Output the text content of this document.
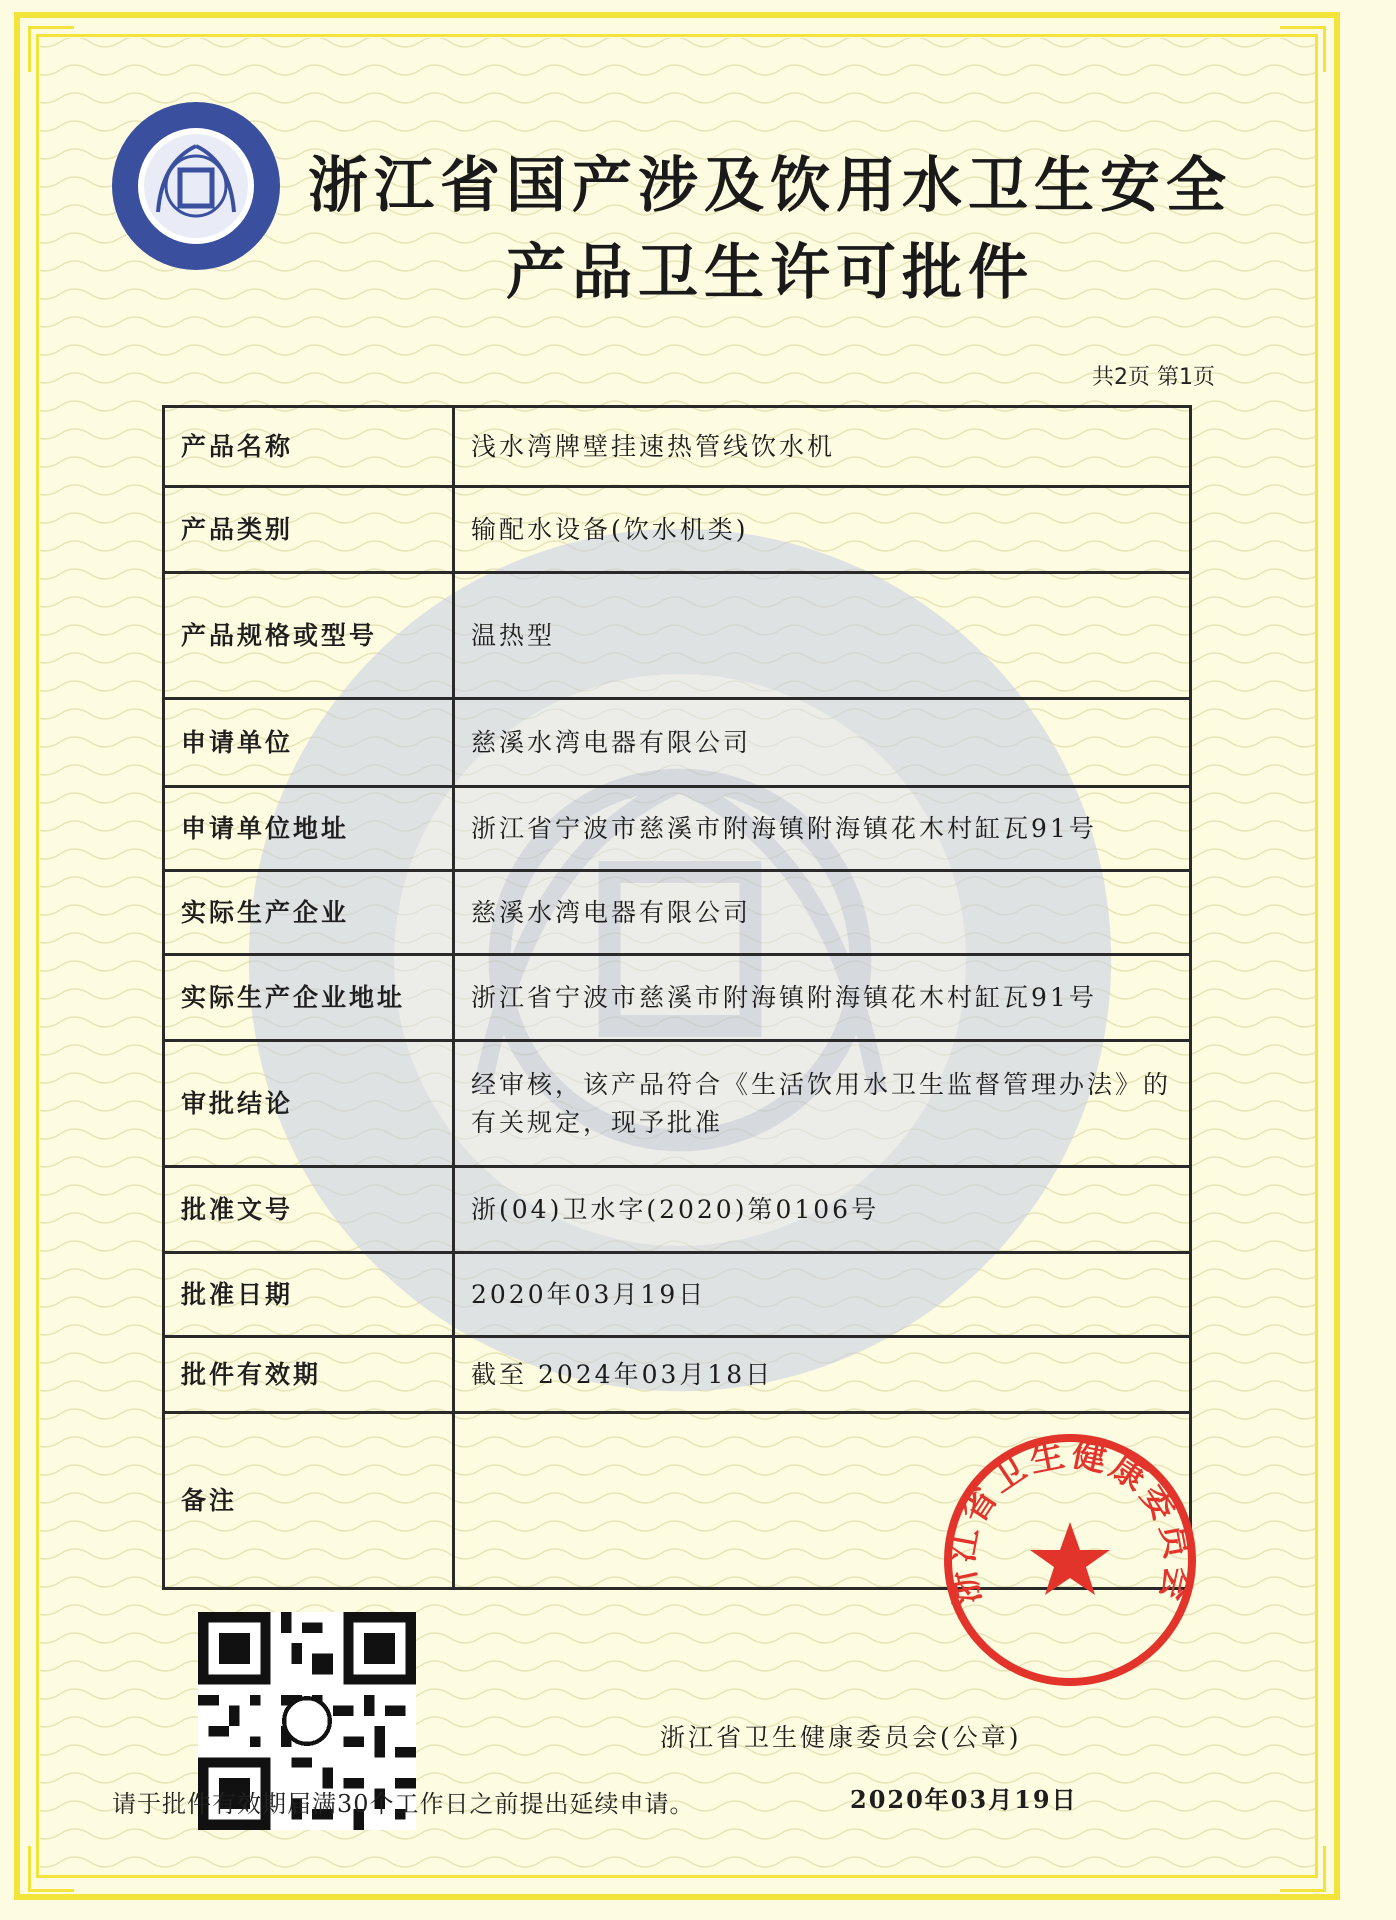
浙江省国产涉及饮用水卫生安全
产品卫生许可批件
共2页 第1页
产品名称	浅水湾牌壁挂速热管线饮水机
产品类别	输配水设备(饮水机类)
产品规格或型号	温热型
申请单位	慈溪水湾电器有限公司
申请单位地址	浙江省宁波市慈溪市附海镇附海镇花木村缸瓦91号
实际生产企业	慈溪水湾电器有限公司
实际生产企业地址	浙江省宁波市慈溪市附海镇附海镇花木村缸瓦91号
审批结论	经审核，该产品符合《生活饮用水卫生监督管理办法》的有关规定，现予批准
批准文号	浙(04)卫水字(2020)第0106号
批准日期	2020年03月19日
批件有效期	截至 2024年03月18日
备注	
浙江省卫生健康委员会
浙江省卫生健康委员会(公章)
请于批件有效期届满30个工作日之前提出延续申请。	2020年03月19日
